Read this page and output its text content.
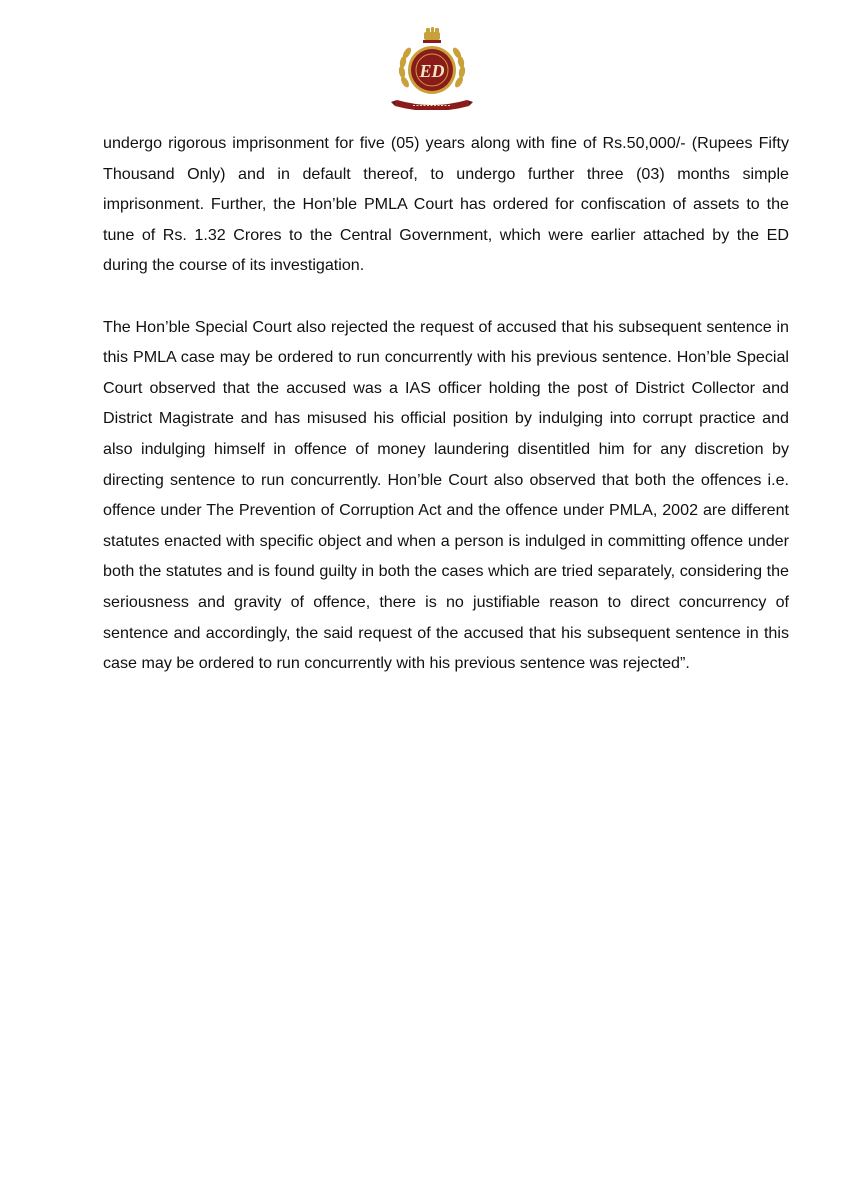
ED

undergo rigorous imprisonment for five (05) years along with fine of Rs.50,000/- (Rupees Fifty Thousand Only) and in default thereof, to undergo further three (03) months simple imprisonment. Further, the Hon’ble PMLA Court has ordered for confiscation of assets to the tune of Rs. 1.32 Crores to the Central Government, which were earlier attached by the ED during the course of its investigation.

The Hon’ble Special Court also rejected the request of accused that his subsequent sentence in this PMLA case may be ordered to run concurrently with his previous sentence. Hon’ble Special Court observed that the accused was a IAS officer holding the post of District Collector and District Magistrate and has misused his official position by indulging into corrupt practice and also indulging himself in offence of money laundering disentitled him for any discretion by directing sentence to run concurrently. Hon’ble Court also observed that both the offences i.e. offence under The Prevention of Corruption Act and the offence under PMLA, 2002 are different statutes enacted with specific object and when a person is indulged in committing offence under both the statutes and is found guilty in both the cases which are tried separately, considering the seriousness and gravity of offence, there is no justifiable reason to direct concurrency of sentence and accordingly, the said request of the accused that his subsequent sentence in this case may be ordered to run concurrently with his previous sentence was rejected”.
